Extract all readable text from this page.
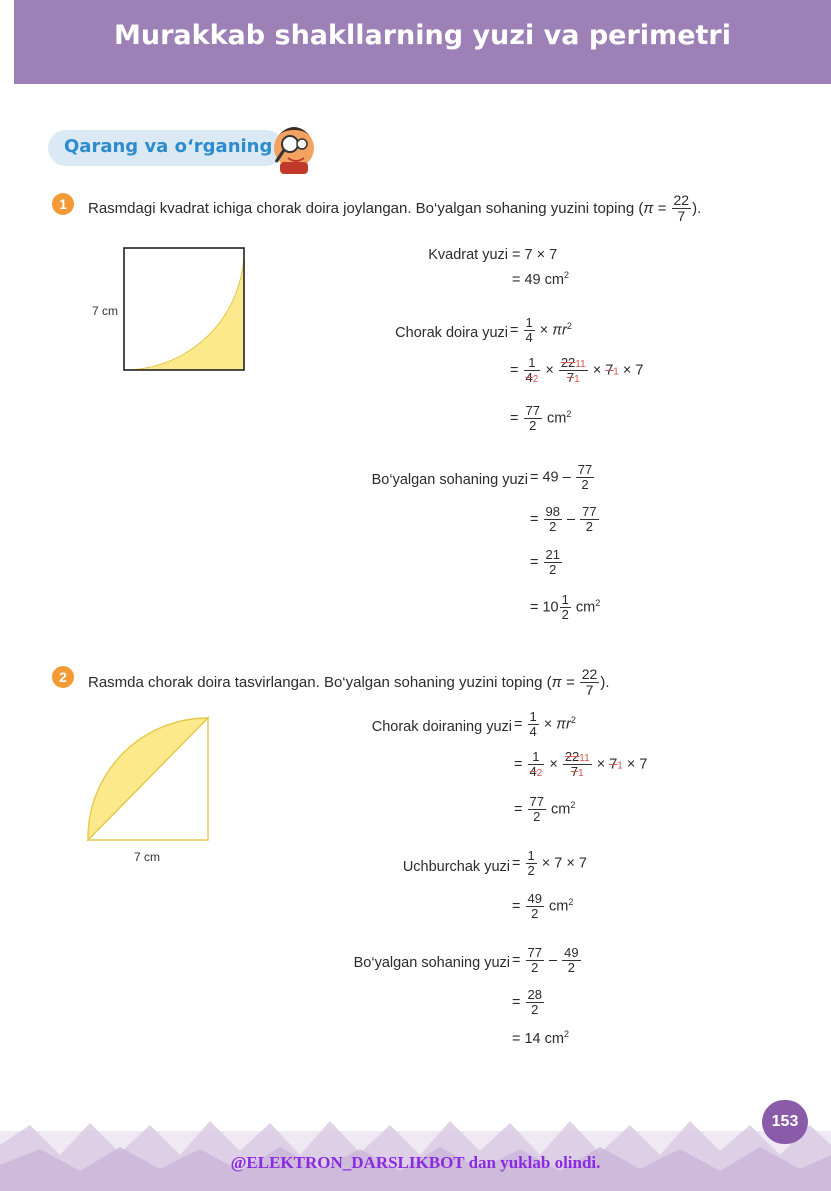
Murakkab shakllarning yuzi va perimetri
Qarang va o‘rganing
1	Rasmdagi kvadrat ichiga chorak doira joylangan. Bo‘yalgan sohaning yuzini toping ($\pi = \frac{22}{7}$ ).
7 cm
Kvadrat yuzi = 7 × 7
= 49 $cm^2$
Chorak doira yuzi = $\frac{1}{4} \times \pi r^2$
= $\frac{1}{42} \times \frac{2211}{71} \times 71 \times 7$
= $\frac{77}{2} cm^2$
Bo‘yalgan sohaning yuzi = $49 - \frac{77}{2}$
= $\frac{98}{2} - \frac{77}{2}$
= $\frac{21}{2}$
= $10 \frac{1}{2} cm^2$
2	Rasmda chorak doira tasvirlangan. Bo‘yalgan sohaning yuzini toping ($\pi = \frac{22}{7}$ ).
7 cm
Chorak doiraning yuzi = $\frac{1}{4} \times \pi r^2$
= $\frac{1}{42} \times \frac{2211}{71} \times 71 \times 7$
= $\frac{77}{2} cm^2$
Uchburchak yuzi = $\frac{1}{2} \times 7 \times 7$
= $\frac{49}{2} cm^2$
Bo‘yalgan sohaning yuzi = $\frac{77}{2} - \frac{49}{2}$
= $\frac{28}{2}$
= 14 $cm^2$
153
@ELEKTRON_DARSLIKBOT dan yuklab olindi.
